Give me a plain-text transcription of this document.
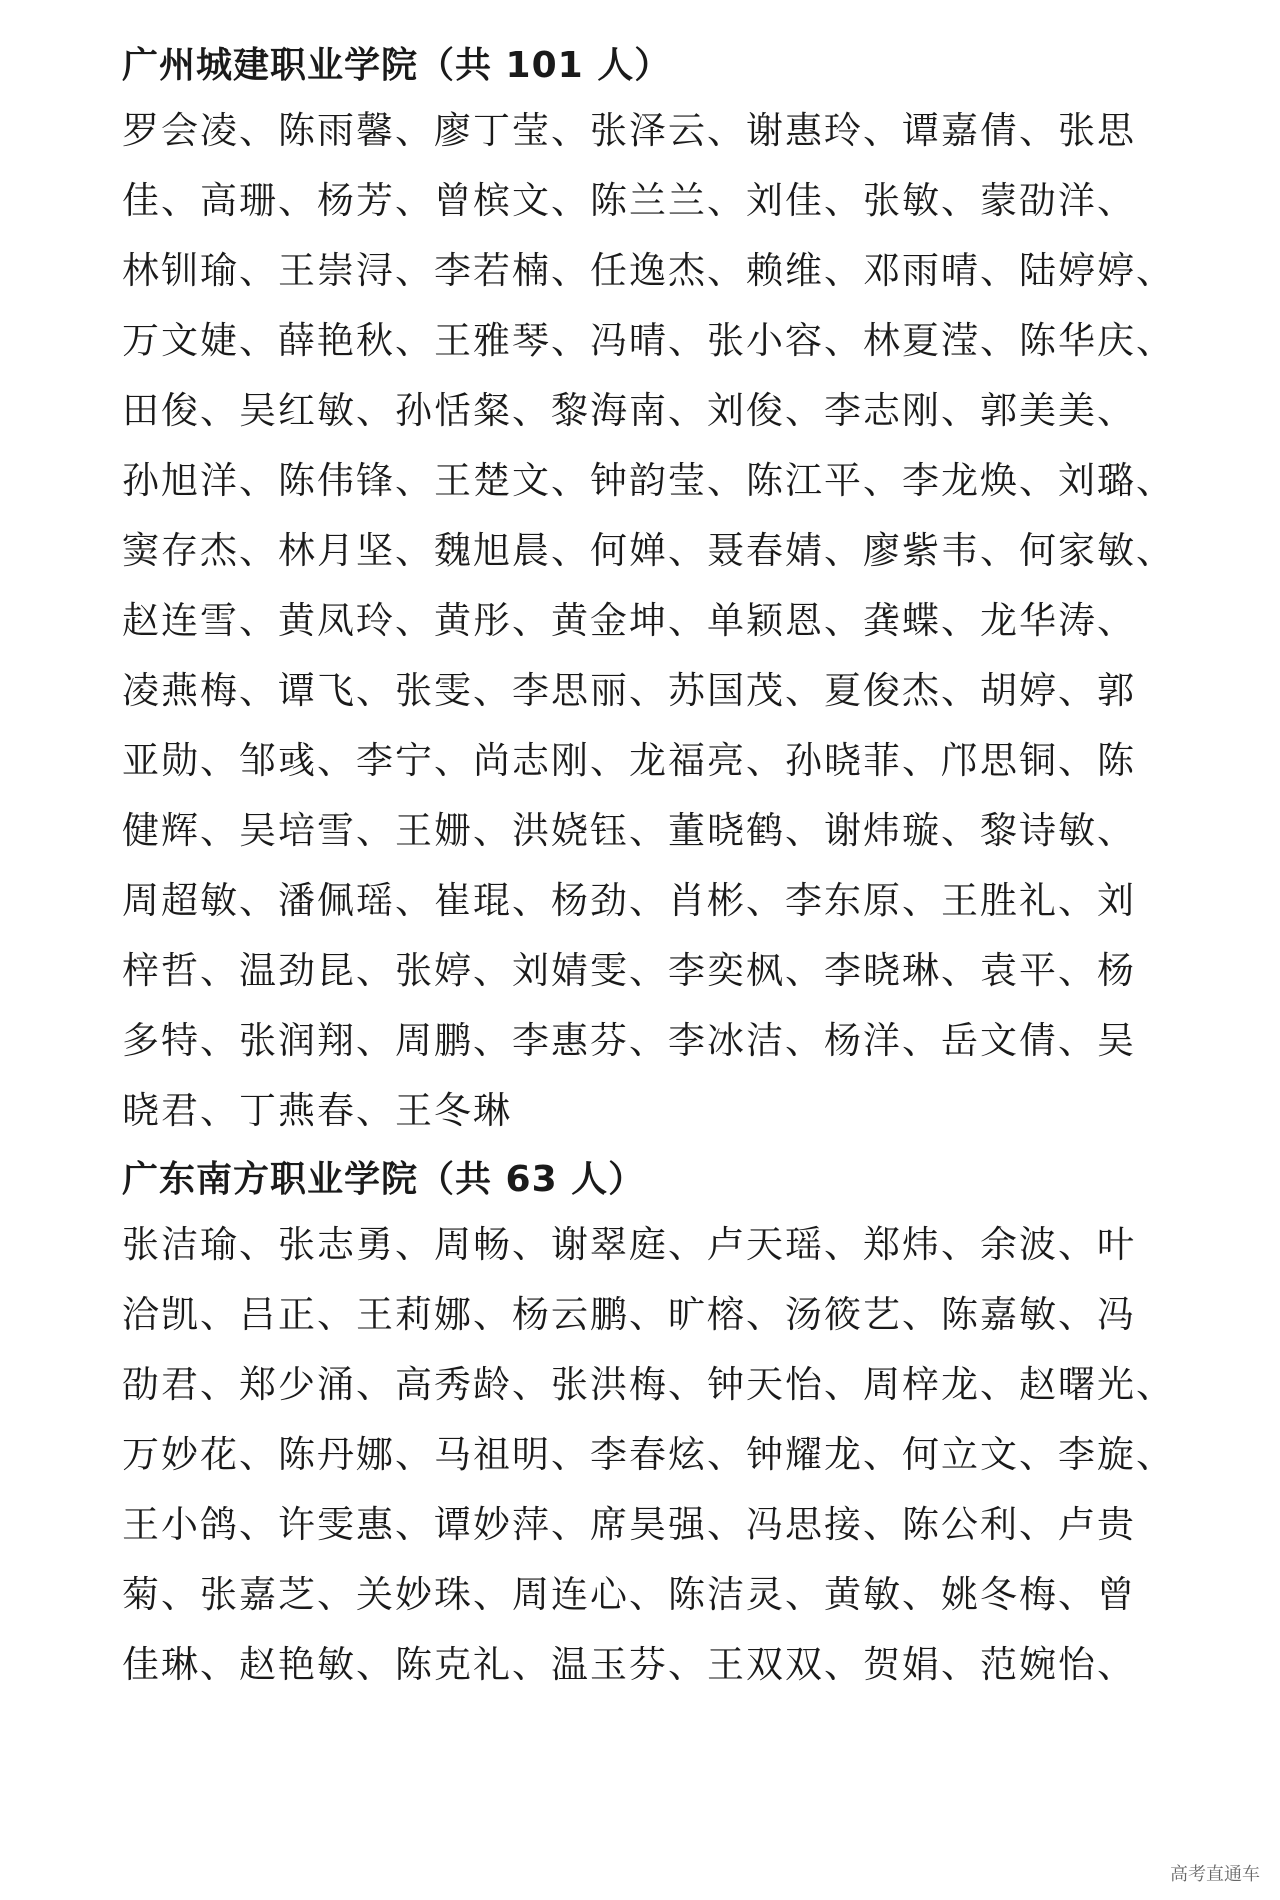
广州城建职业学院（共 101 人）
罗会凌、陈雨馨、廖丁莹、张泽云、谢惠玲、谭嘉倩、张思
佳、高珊、杨芳、曾槟文、陈兰兰、刘佳、张敏、蒙劭洋、
林钏瑜、王崇浔、李若楠、任逸杰、赖维、邓雨晴、陆婷婷、
万文婕、薛艳秋、王雅琴、冯晴、张小容、林夏滢、陈华庆、
田俊、吴红敏、孙恬粲、黎海南、刘俊、李志刚、郭美美、
孙旭洋、陈伟锋、王楚文、钟韵莹、陈江平、李龙焕、刘璐、
窦存杰、林月坚、魏旭晨、何婵、聂春婧、廖紫韦、何家敏、
赵连雪、黄凤玲、黄彤、黄金坤、单颖恩、龚蝶、龙华涛、
凌燕梅、谭飞、张雯、李思丽、苏国茂、夏俊杰、胡婷、郭
亚勋、邹彧、李宁、尚志刚、龙福亮、孙晓菲、邝思铜、陈
健辉、吴培雪、王姗、洪娆钰、董晓鹤、谢炜璇、黎诗敏、
周超敏、潘佩瑶、崔琨、杨劲、肖彬、李东原、王胜礼、刘
梓哲、温劲昆、张婷、刘婧雯、李奕枫、李晓琳、袁平、杨
多特、张润翔、周鹏、李惠芬、李冰洁、杨洋、岳文倩、吴
晓君、丁燕春、王冬琳
广东南方职业学院（共 63 人）
张洁瑜、张志勇、周畅、谢翠庭、卢天瑶、郑炜、余波、叶
洽凯、吕正、王莉娜、杨云鹏、旷榕、汤筱艺、陈嘉敏、冯
劭君、郑少涌、高秀龄、张洪梅、钟天怡、周梓龙、赵曙光、
万妙花、陈丹娜、马祖明、李春炫、钟耀龙、何立文、李旋、
王小鸽、许雯惠、谭妙萍、席昊强、冯思接、陈公利、卢贵
菊、张嘉芝、关妙珠、周连心、陈洁灵、黄敏、姚冬梅、曾
佳琳、赵艳敏、陈克礼、温玉芬、王双双、贺娟、范婉怡、
高考直通车
